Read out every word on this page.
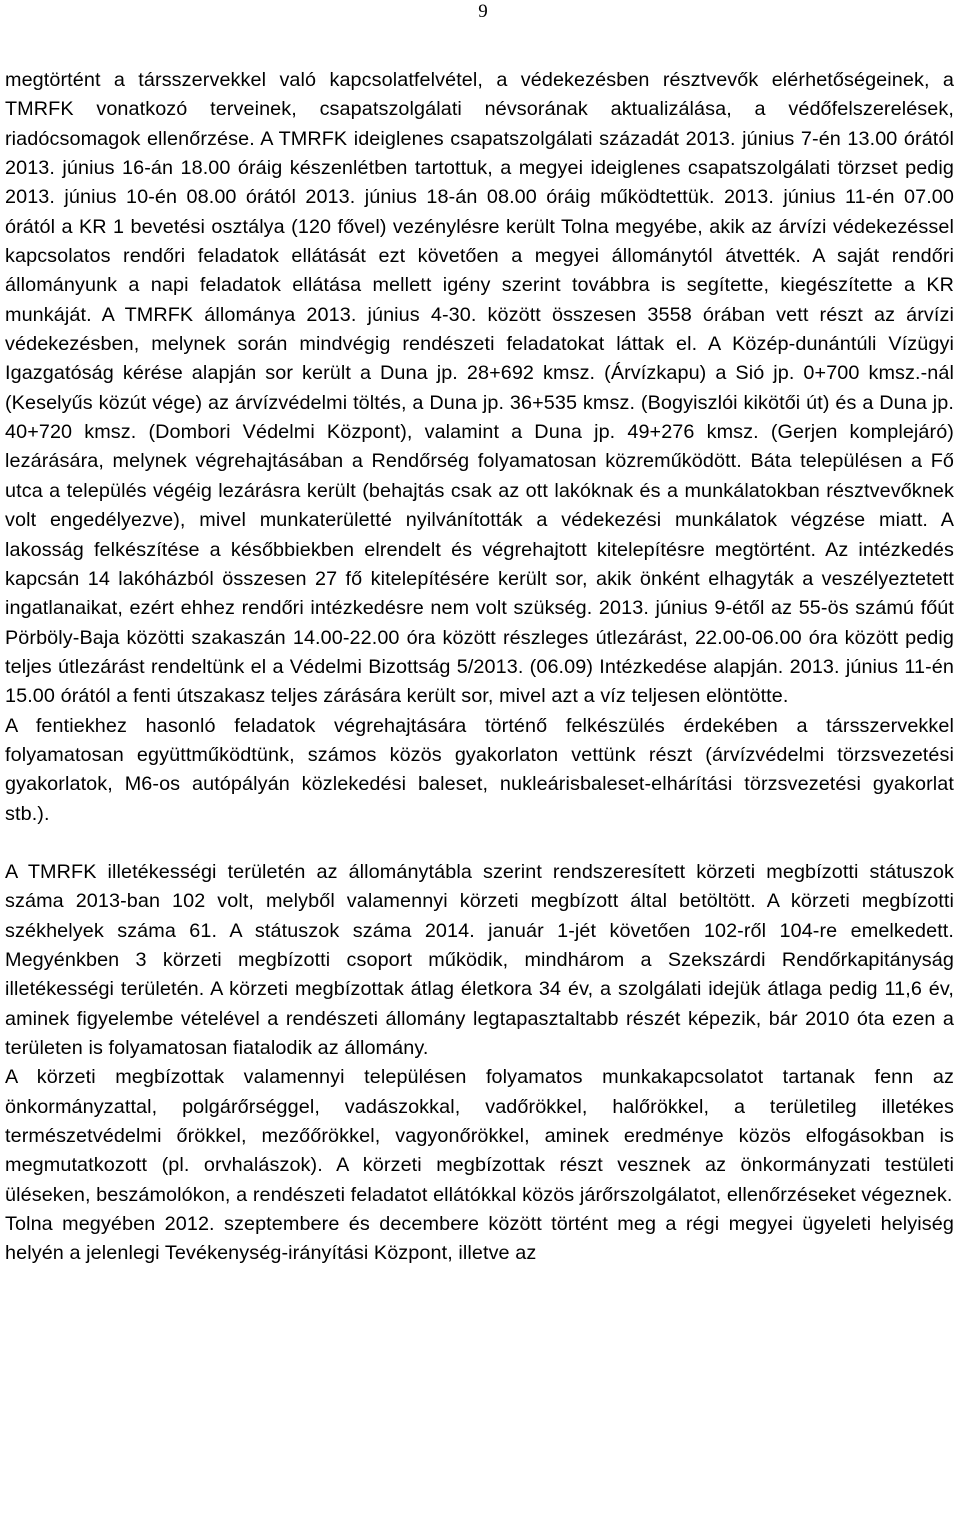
9

megtörtént a társszervekkel való kapcsolatfelvétel, a védekezésben résztvevők elérhetőségeinek, a TMRFK vonatkozó terveinek, csapatszolgálati névsorának aktualizálása, a védőfelszerelések, riadócsomagok ellenőrzése. A TMRFK ideiglenes csapatszolgálati századát 2013. június 7-én 13.00 órától 2013. június 16-án 18.00 óráig készenlétben tartottuk, a megyei ideiglenes csapatszolgálati törzset pedig 2013. június 10-én 08.00 órától 2013. június 18-án 08.00 óráig működtettük. 2013. június 11-én 07.00 órától a KR 1 bevetési osztálya (120 fővel) vezénylésre került Tolna megyébe, akik az árvízi védekezéssel kapcsolatos rendőri feladatok ellátását ezt követően a megyei állománytól átvették. A saját rendőri állományunk a napi feladatok ellátása mellett igény szerint továbbra is segítette, kiegészítette a KR munkáját. A TMRFK állománya 2013. június 4-30. között összesen 3558 órában vett részt az árvízi védekezésben, melynek során mindvégig rendészeti feladatokat láttak el. A Közép-dunántúli Vízügyi Igazgatóság kérése alapján sor került a Duna jp. 28+692 kmsz. (Árvízkapu) a Sió jp. 0+700 kmsz.-nál (Keselyűs közút vége) az árvízvédelmi töltés, a Duna jp. 36+535 kmsz. (Bogyiszlói kikötői út) és a Duna jp. 40+720 kmsz. (Dombori Védelmi Központ), valamint a Duna jp. 49+276 kmsz. (Gerjen komplejáró) lezárására, melynek végrehajtásában a Rendőrség folyamatosan közreműködött. Báta településen a Fő utca a település végéig lezárásra került (behajtás csak az ott lakóknak és a munkálatokban résztvevőknek volt engedélyezve), mivel munkaterületté nyilvánították a védekezési munkálatok végzése miatt. A lakosság felkészítése a későbbiekben elrendelt és végrehajtott kitelepítésre megtörtént. Az intézkedés kapcsán 14 lakóházból összesen 27 fő kitelepítésére került sor, akik önként elhagyták a veszélyeztetett ingatlanaikat, ezért ehhez rendőri intézkedésre nem volt szükség. 2013. június 9-étől az 55-ös számú főút Pörböly-Baja közötti szakaszán 14.00-22.00 óra között részleges útlezárást, 22.00-06.00 óra között pedig teljes útlezárást rendeltünk el a Védelmi Bizottság 5/2013. (06.09) Intézkedése alapján. 2013. június 11-én 15.00 órától a fenti útszakasz teljes zárására került sor, mivel azt a víz teljesen elöntötte.

A fentiekhez hasonló feladatok végrehajtására történő felkészülés érdekében a társszervekkel folyamatosan együttműködtünk, számos közös gyakorlaton vettünk részt (árvízvédelmi törzsvezetési gyakorlatok, M6-os autópályán közlekedési baleset, nukleárisbaleset-elhárítási törzsvezetési gyakorlat stb.).

A TMRFK illetékességi területén az állománytábla szerint rendszeresített körzeti megbízotti státuszok száma 2013-ban 102 volt, melyből valamennyi körzeti megbízott által betöltött. A körzeti megbízotti székhelyek száma 61. A státuszok száma 2014. január 1-jét követően 102-ről 104-re emelkedett. Megyénkben 3 körzeti megbízotti csoport működik, mindhárom a Szekszárdi Rendőrkapitányság illetékességi területén. A körzeti megbízottak átlag életkora 34 év, a szolgálati idejük átlaga pedig 11,6 év, aminek figyelembe vételével a rendészeti állomány legtapasztaltabb részét képezik, bár 2010 óta ezen a területen is folyamatosan fiatalodik az állomány.

A körzeti megbízottak valamennyi településen folyamatos munkakapcsolatot tartanak fenn az önkormányzattal, polgárőrséggel, vadászokkal, vadőrökkel, halőrökkel, a területileg illetékes természetvédelmi őrökkel, mezőőrökkel, vagyonőrökkel, aminek eredménye közös elfogásokban is megmutatkozott (pl. orvhalászok). A körzeti megbízottak részt vesznek az önkormányzati testületi üléseken, beszámolókon, a rendészeti feladatot ellátókkal közös járőrszolgálatot, ellenőrzéseket végeznek.

Tolna megyében 2012. szeptembere és decembere között történt meg a régi megyei ügyeleti helyiség helyén a jelenlegi Tevékenység-irányítási Központ, illetve az
